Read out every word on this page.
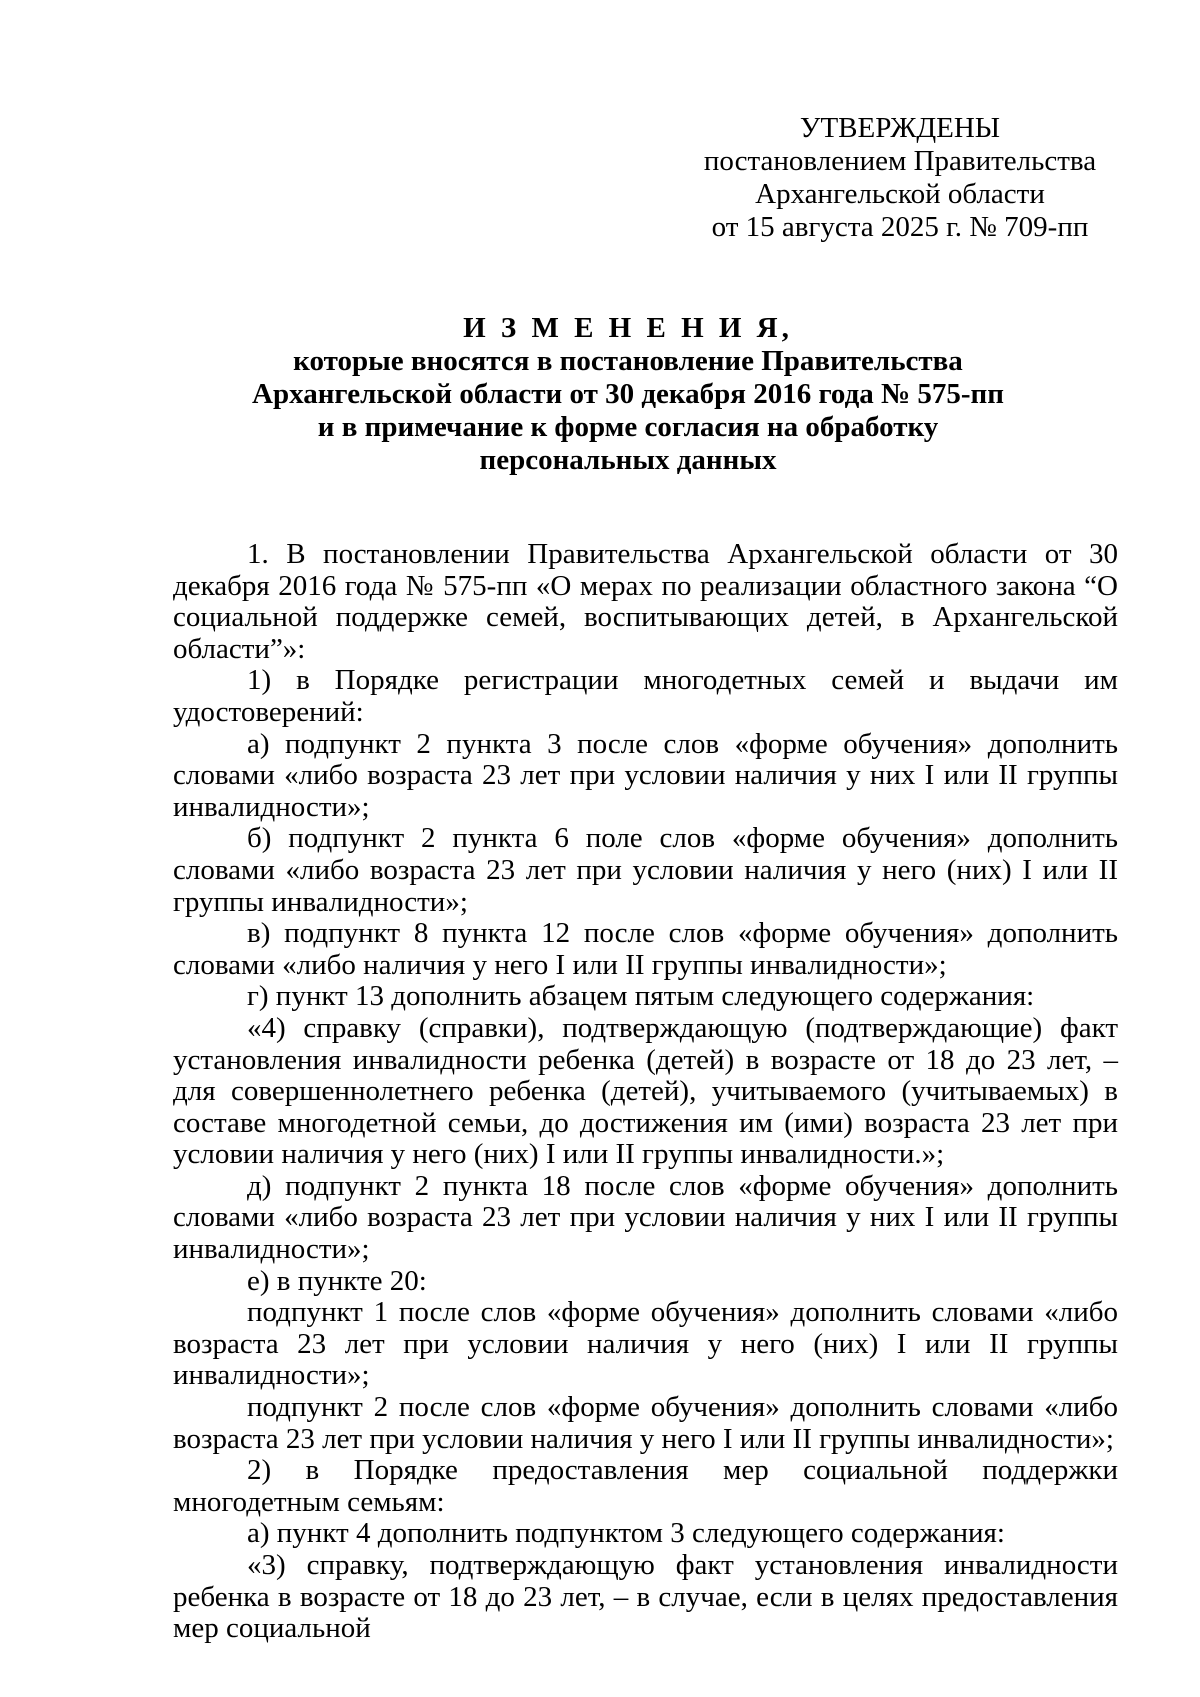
УТВЕРЖДЕНЫ
постановлением Правительства
Архангельской области
от 15 августа 2025 г. № 709-пп
И З М Е Н Е Н И Я,
которые вносятся в постановление Правительства
Архангельской области от 30 декабря 2016 года № 575-пп
и в примечание к форме согласия на обработку
персональных данных

1. В постановлении Правительства Архангельской области от 30 декабря 2016 года № 575-пп «О мерах по реализации областного закона “О социальной поддержке семей, воспитывающих детей, в Архангельской области”»:

1) в Порядке регистрации многодетных семей и выдачи им удостоверений:

а) подпункт 2 пункта 3 после слов «форме обучения» дополнить словами «либо возраста 23 лет при условии наличия у них I или II группы инвалидности»;

б) подпункт 2 пункта 6 поле слов «форме обучения» дополнить словами «либо возраста 23 лет при условии наличия у него (них) I или II группы инвалидности»;

в) подпункт 8 пункта 12 после слов «форме обучения» дополнить словами «либо наличия у него I или II группы инвалидности»;

г) пункт 13 дополнить абзацем пятым следующего содержания:

«4) справку (справки), подтверждающую (подтверждающие) факт установления инвалидности ребенка (детей) в возрасте от 18 до 23 лет, – для совершеннолетнего ребенка (детей), учитываемого (учитываемых) в составе многодетной семьи, до достижения им (ими) возраста 23 лет при условии наличия у него (них) I или II группы инвалидности.»;

д) подпункт 2 пункта 18 после слов «форме обучения» дополнить словами «либо возраста 23 лет при условии наличия у них I или II группы инвалидности»;

е) в пункте 20:

подпункт 1 после слов «форме обучения» дополнить словами «либо возраста 23 лет при условии наличия у него (них) I или II группы инвалидности»;

подпункт 2 после слов «форме обучения» дополнить словами «либо возраста 23 лет при условии наличия у него I или II группы инвалидности»;

2) в Порядке предоставления мер социальной поддержки многодетным семьям:

а) пункт 4 дополнить подпунктом 3 следующего содержания:

«3) справку, подтверждающую факт установления инвалидности ребенка в возрасте от 18 до 23 лет, – в случае, если в целях предоставления мер социальной
